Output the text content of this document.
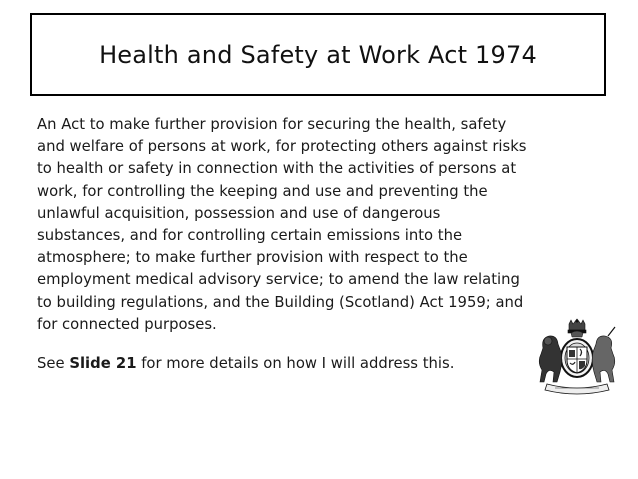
Health and Safety at Work Act 1974

An Act to make further provision for securing the health, safety
and welfare of persons at work, for protecting others against risks
to health or safety in connection with the activities of persons at
work, for controlling the keeping and use and preventing the
unlawful acquisition, possession and use of dangerous
substances, and for controlling certain emissions into the
atmosphere; to make further provision with respect to the
employment medical advisory service; to amend the law relating
to building regulations, and the Building (Scotland) Act 1959; and
for connected purposes.

See Slide 21 for more details on how I will address this.
